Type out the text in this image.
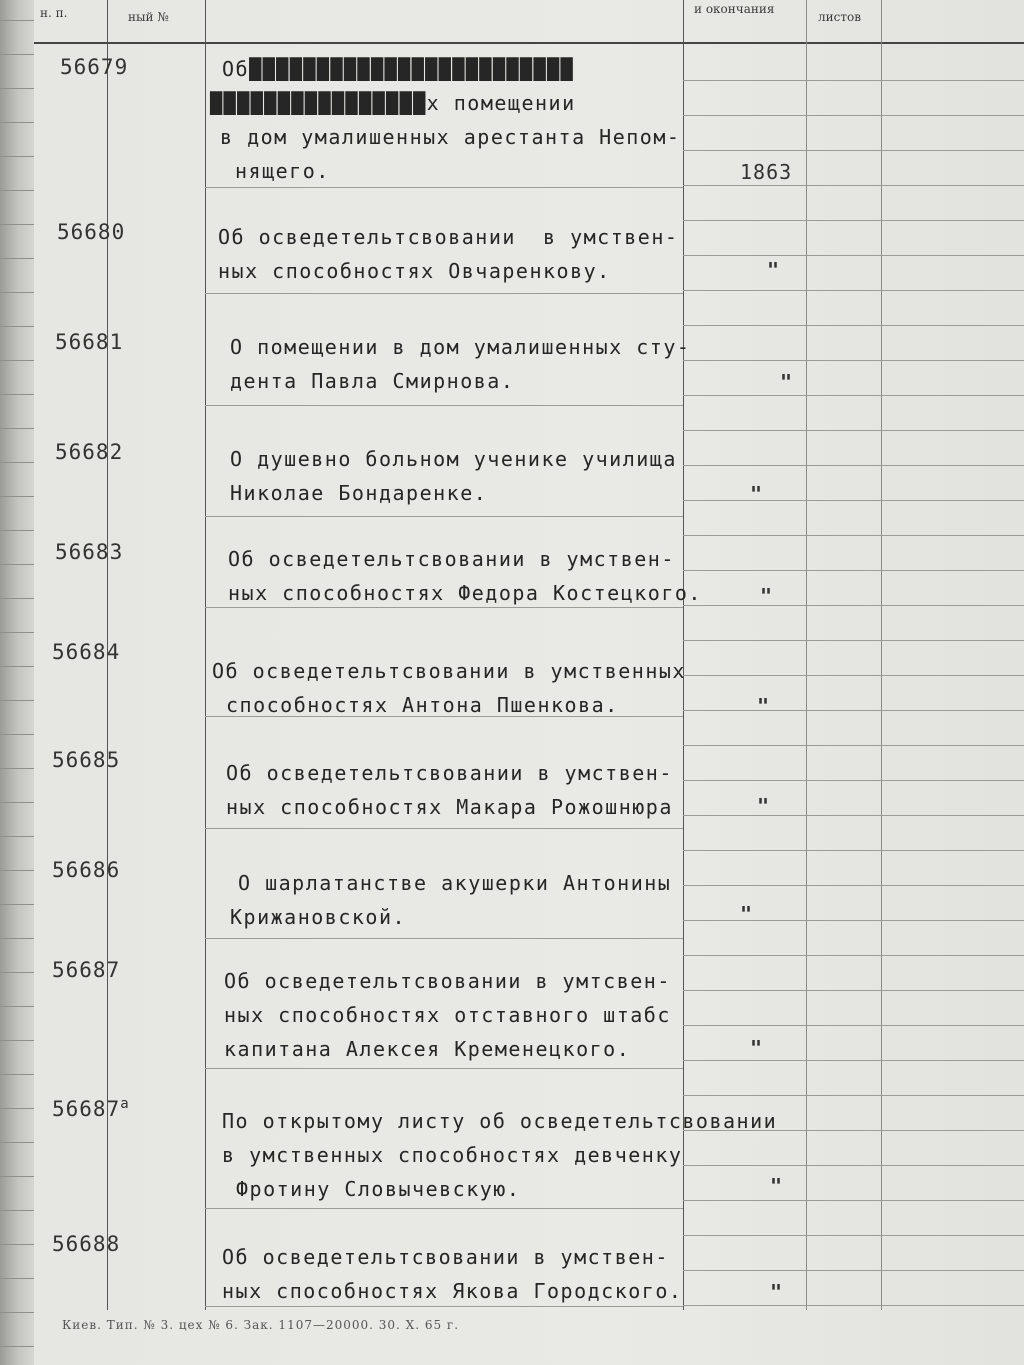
н. п.	ный №
и окончания
листов
56679	Об████████████████████████
████████████████х помещении
в дом умалишенных арестанта Непом-
нящего.	1863
56680	Об осведетельтсвовании  в умствен-
ных способностях Овчаренкову.	"
56681	О помещении в дом умалишенных сту-
дента Павла Смирнова.	"
56682	О душевно больном ученике училища
Николае Бондаренке.	"
56683	Об осведетельтсвовании в умствен-
ных способностях Федора Костецкого.	"
56684
Об осведетельтсвовании в умственных
способностях Антона Пшенкова.	"
56685
Об осведетельтсвовании в умствен-
ных способностях Макара Рожошнюра	"
56686
О шарлатанстве акушерки Антонины
Крижановской.	"
56687	Об осведетельтсвовании в умтсвен-
ных способностях отставного штабс
капитана Алексея Кременецкого.	"
$56687^а$
По открытому листу об осведетельтсвовании
в умственных способностях девченку
Фротину Словычевскую.	"
56688
Об осведетельтсвовании в умствен-
ных способностях Якова Городского.	"
Киев. Тип. № 3. цех № 6. Зак. 1107—20000. 30. X. 65 г.
